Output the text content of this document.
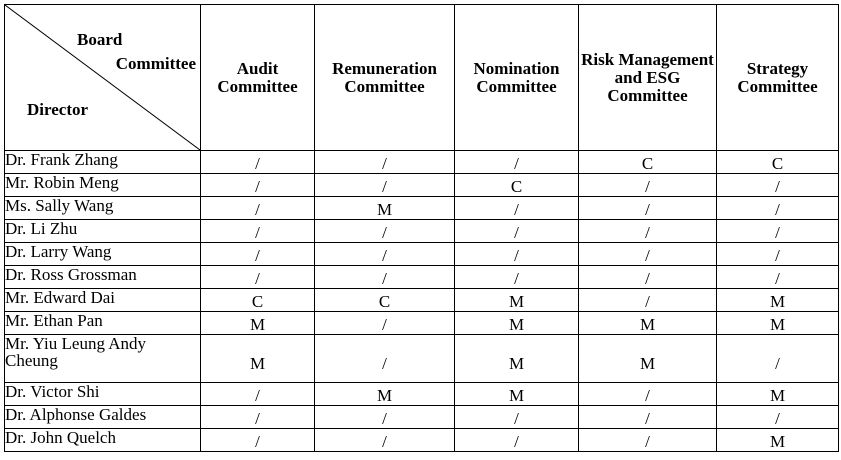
Board
Committee
Director	Audit Committee	Remuneration Committee	Nomination Committee	Risk Management and ESG Committee	Strategy Committee
Dr. Frank Zhang	/	/	/	C	C
Mr. Robin Meng	/	/	C	/	/
Ms. Sally Wang	/	M	/	/	/
Dr. Li Zhu	/	/	/	/	/
Dr. Larry Wang	/	/	/	/	/
Dr. Ross Grossman	/	/	/	/	/
Mr. Edward Dai	C	C	M	/	M
Mr. Ethan Pan	M	/	M	M	M
Mr. Yiu Leung Andy Cheung	M	/	M	M	/
Dr. Victor Shi	/	M	M	/	M
Dr. Alphonse Galdes	/	/	/	/	/
Dr. John Quelch	/	/	/	/	M
